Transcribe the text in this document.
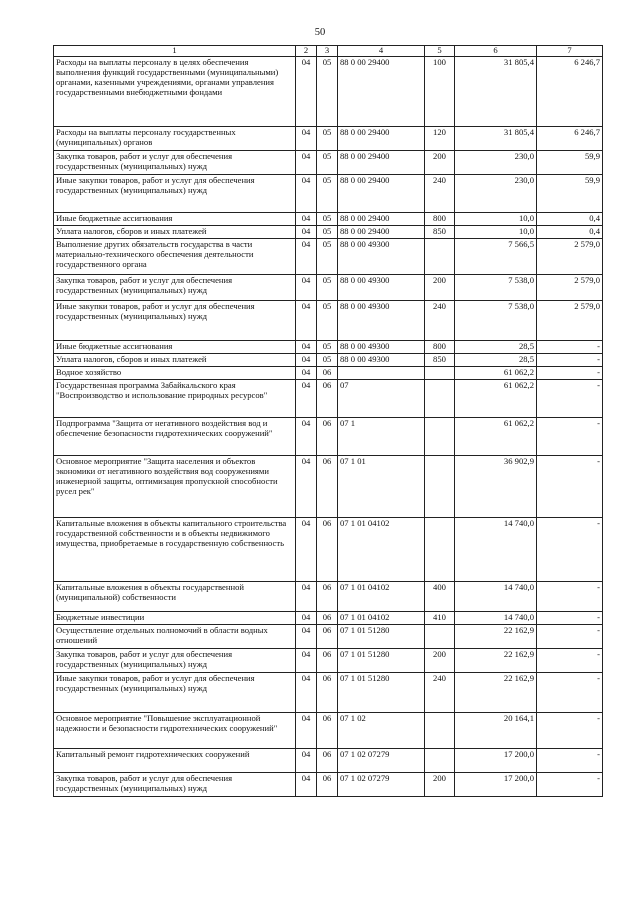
50
1	2	3	4	5	6	7
Расходы на выплаты персоналу в целях обеспечения выполнения функций государственными (муниципальными) органами, казенными учреждениями, органами управления государственными внебюджетными фондами	04	05	88 0 00 29400	100	31 805,4	6 246,7
Расходы на выплаты персоналу государственных (муниципальных) органов	04	05	88 0 00 29400	120	31 805,4	6 246,7
Закупка товаров, работ и услуг для обеспечения государственных (муниципальных) нужд	04	05	88 0 00 29400	200	230,0	59,9
Иные закупки товаров, работ и услуг для обеспечения государственных (муниципальных) нужд	04	05	88 0 00 29400	240	230,0	59,9
Иные бюджетные ассигнования	04	05	88 0 00 29400	800	10,0	0,4
Уплата налогов, сборов и иных платежей	04	05	88 0 00 29400	850	10,0	0,4
Выполнение других обязательств государства в части материально-технического обеспечения деятельности государственного органа	04	05	88 0 00 49300		7 566,5	2 579,0
Закупка товаров, работ и услуг для обеспечения государственных (муниципальных) нужд	04	05	88 0 00 49300	200	7 538,0	2 579,0
Иные закупки товаров, работ и услуг для обеспечения государственных (муниципальных) нужд	04	05	88 0 00 49300	240	7 538,0	2 579,0
Иные бюджетные ассигнования	04	05	88 0 00 49300	800	28,5	-
Уплата налогов, сборов и иных платежей	04	05	88 0 00 49300	850	28,5	-
Водное хозяйство	04	06			61 062,2	-
Государственная программа Забайкальского края "Воспроизводство и использование природных ресурсов"	04	06	07		61 062,2	-
Подпрограмма "Защита от негативного воздействия вод и обеспечение безопасности гидротехнических сооружений"	04	06	07 1		61 062,2	-
Основное мероприятие "Защита населения и объектов экономики от негативного воздействия вод сооружениями инженерной защиты, оптимизация пропускной способности русел рек"	04	06	07 1 01		36 902,9	-
Капитальные вложения в объекты капитального строительства государственной собственности и в объекты недвижимого имущества, приобретаемые в государственную собственность	04	06	07 1 01 04102		14 740,0	-
Капитальные вложения в объекты государственной (муниципальной) собственности	04	06	07 1 01 04102	400	14 740,0	-
Бюджетные инвестиции	04	06	07 1 01 04102	410	14 740,0	-
Осуществление отдельных полномочий в области водных отношений	04	06	07 1 01 51280		22 162,9	-
Закупка товаров, работ и услуг для обеспечения государственных (муниципальных) нужд	04	06	07 1 01 51280	200	22 162,9	-
Иные закупки товаров, работ и услуг для обеспечения государственных (муниципальных) нужд	04	06	07 1 01 51280	240	22 162,9	-
Основное мероприятие "Повышение эксплуатационной надежности и безопасности гидротехнических сооружений"	04	06	07 1 02		20 164,1	-
Капитальный ремонт гидротехнических сооружений	04	06	07 1 02 07279		17 200,0	-
Закупка товаров, работ и услуг для обеспечения государственных (муниципальных) нужд	04	06	07 1 02 07279	200	17 200,0	-
